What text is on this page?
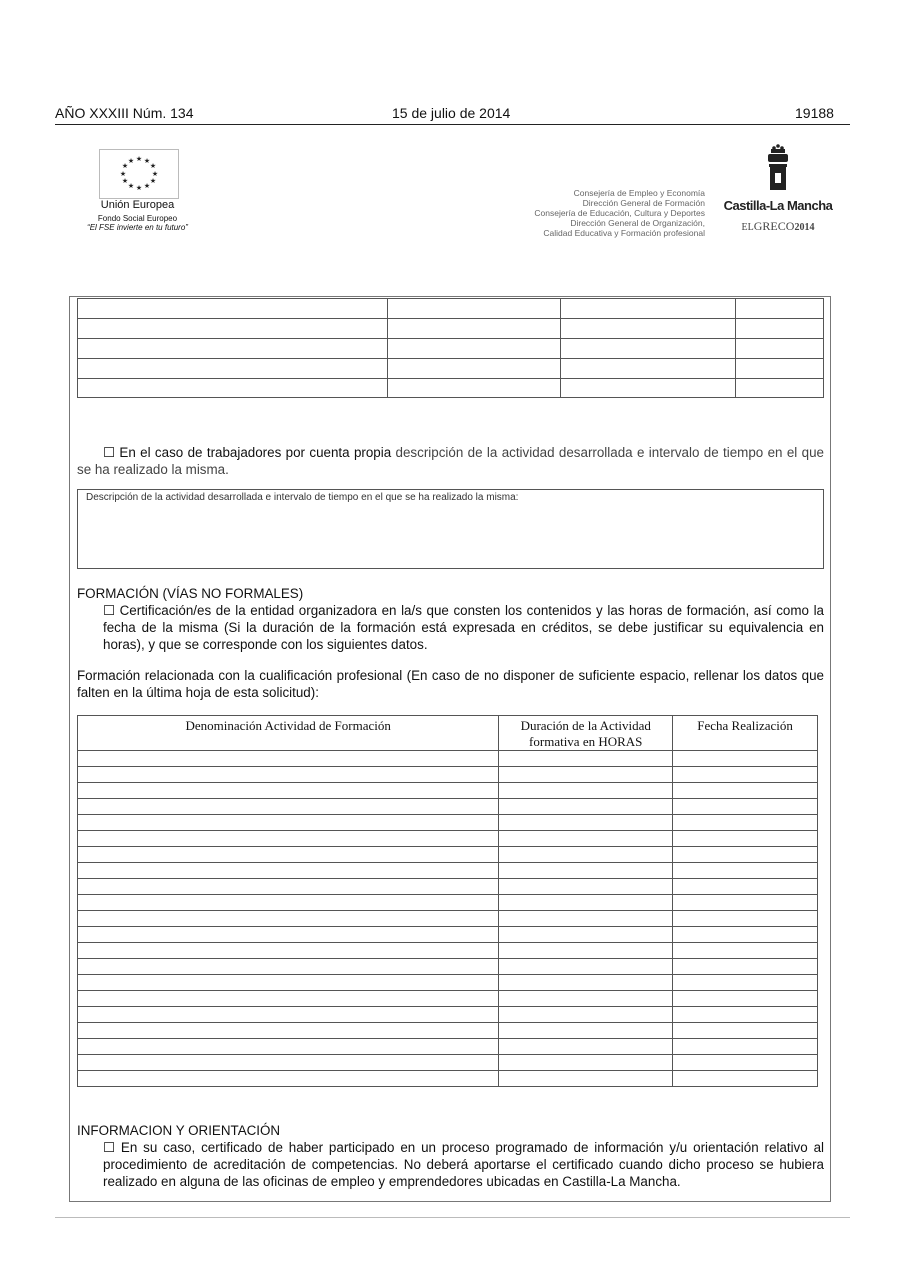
AÑO XXXIII Núm. 134	15 de julio de 2014	19188
★ ★
★
★
★
★
★
★
★
★
★
★
Unión Europea
Fondo Social Europeo
“El FSE invierte en tu futuro”
Consejería de Empleo y Economía
Dirección General de Formación
Consejería de Educación, Cultura y Deportes
Dirección General de Organización,
Calidad Educativa y Formación profesional
Castilla-La Mancha
ELGRECO2014

☐ En el caso de trabajadores por cuenta propia descripción de la actividad desarrollada e intervalo de tiempo en el que se ha realizado la misma.
Descripción de la actividad desarrollada e intervalo de tiempo en el que se ha realizado la misma:
FORMACIÓN (VÍAS NO FORMALES)
☐ Certificación/es de la entidad organizadora en la/s que consten los contenidos y las horas de formación, así como la fecha de la misma (Si la duración de la formación está expresada en créditos, se debe justificar su equivalencia en horas), y que se corresponde con los siguientes datos.
Formación relacionada con la cualificación profesional (En caso de no disponer de suficiente espacio, rellenar los datos que falten en la última hoja de esta solicitud):
Denominación Actividad de Formación	Duración de la Actividad formativa en HORAS	Fecha Realización

INFORMACION Y ORIENTACIÓN
☐ En su caso, certificado de haber participado en un proceso programado de información y/u orientación relativo al procedimiento de acreditación de competencias. No deberá aportarse el certificado cuando dicho proceso se hubiera realizado en alguna de las oficinas de empleo y emprendedores ubicadas en Castilla-La Mancha.
